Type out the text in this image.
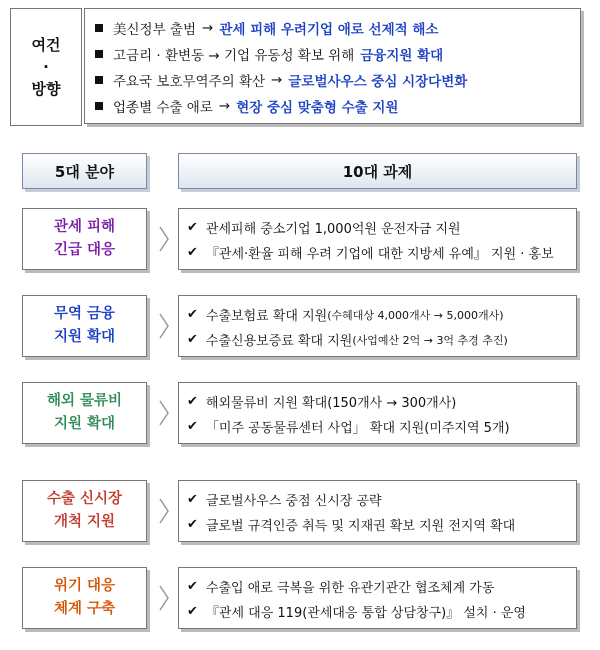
여건
·
방향
美신정부 출범 → 관세 피해 우려기업 애로 선제적 해소
고금리 · 환변동 → 기업 유동성 확보 위해 금융지원 확대
주요국 보호무역주의 확산 → 글로벌사우스 중심 시장다변화
업종별 수출 애로 → 현장 중심 맞춤형 수출 지원
5대 분야	10대 과제
관세 피해
긴급 대응
✔ 관세피해 중소기업 1,000억원 운전자금 지원
✔ 『관세·환율 피해 우려 기업에 대한 지방세 유예』 지원 · 홍보
무역 금융
지원 확대
✔ 수출보험료 확대 지원 (수혜대상 4,000개사 → 5,000개사)
✔ 수출신용보증료 확대 지원 (사업예산 2억 → 3억 추경 추진)
해외 물류비
지원 확대
✔ 해외물류비 지원 확대(150개사 → 300개사)
✔ 「미주 공동물류센터 사업」 확대 지원(미주지역 5개)
수출 신시장
개척 지원
✔ 글로벌사우스 중점 신시장 공략
✔ 글로벌 규격인증 취득 및 지재권 확보 지원 전지역 확대
위기 대응
체계 구축
✔ 수출입 애로 극복을 위한 유관기관간 협조체계 가동
✔ 『관세 대응 119(관세대응 통합 상담창구)』 설치 · 운영
